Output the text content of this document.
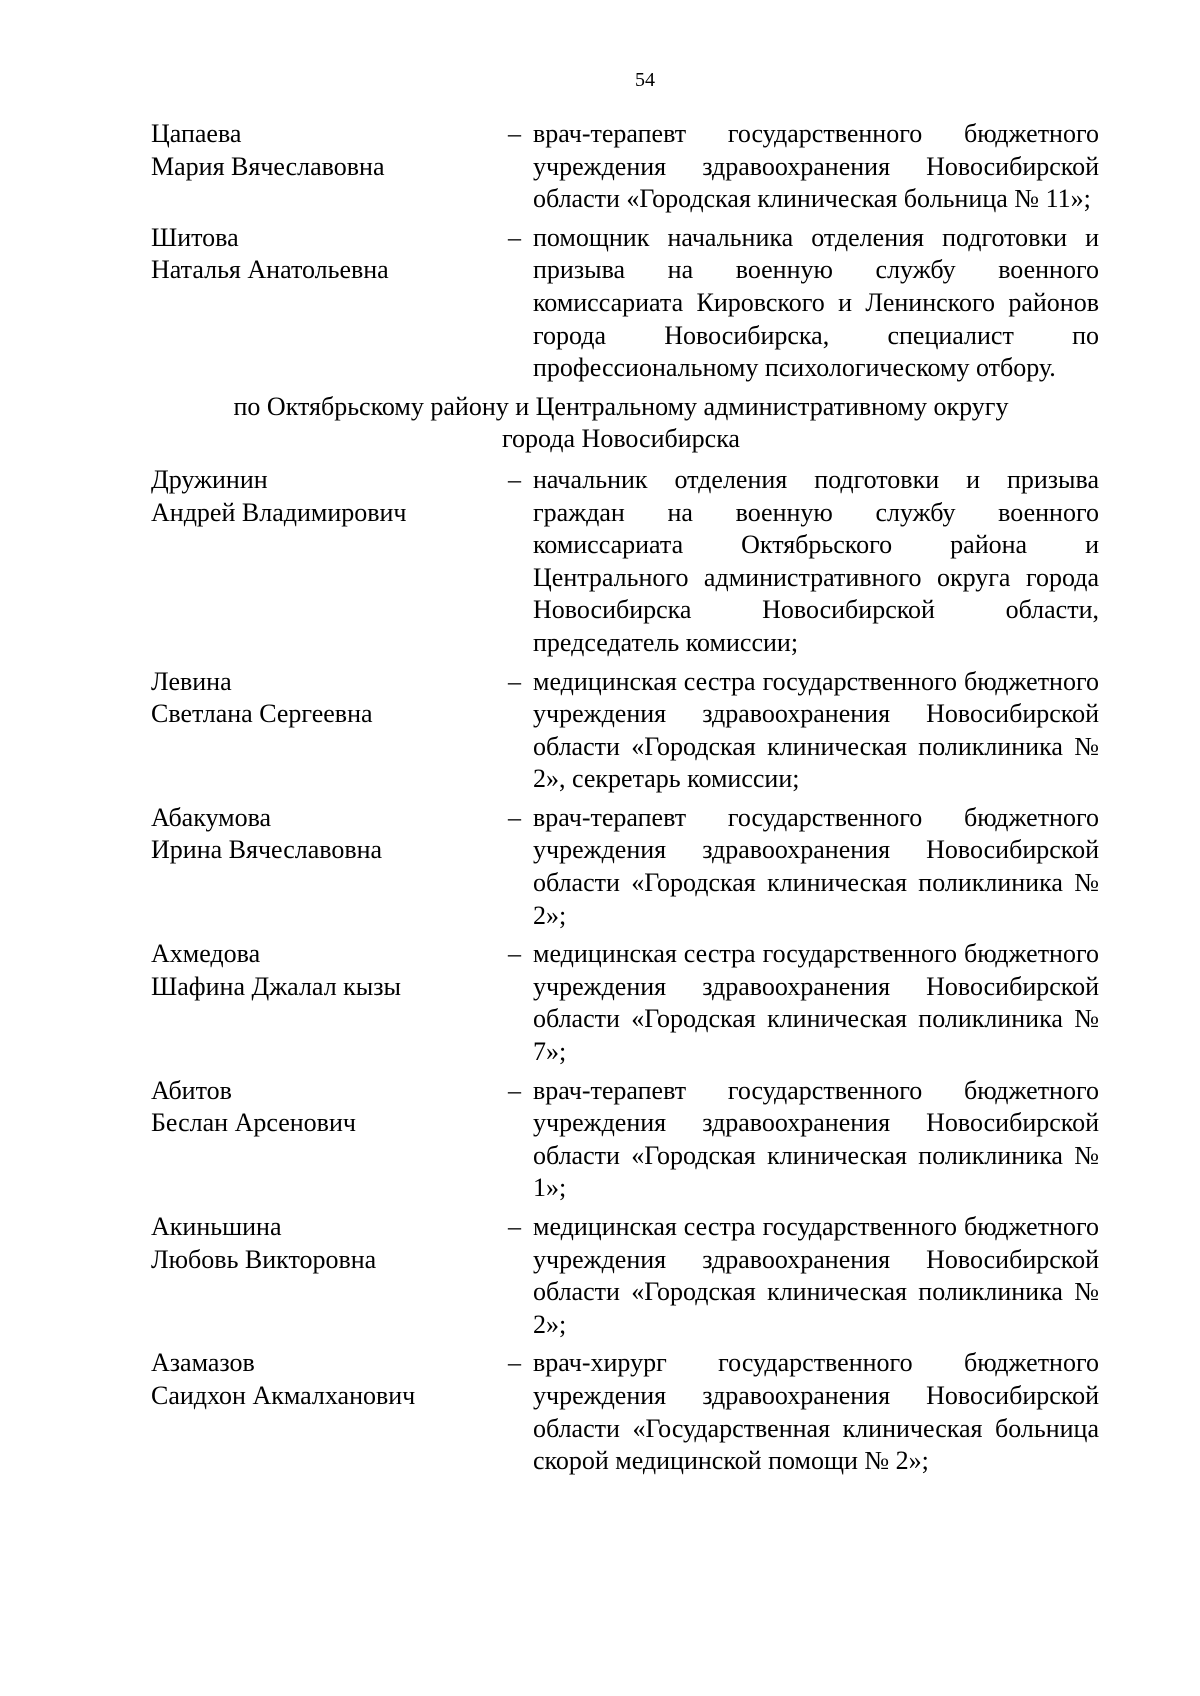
54
Цапаева
Мария Вячеславовна
– врач-терапевт государственного бюджетного учреждения здравоохранения Новосибирской области «Городская клиническая больница № 11»;
Шитова
Наталья Анатольевна
– помощник начальника отделения подготовки и призыва на военную службу военного комиссариата Кировского и Ленинского районов города Новосибирска, специалист по профессиональному психологическому отбору.
по Октябрьскому району и Центральному административному округу
города Новосибирска
Дружинин
Андрей Владимирович
– начальник отделения подготовки и призыва граждан на военную службу военного комиссариата Октябрьского района и Центрального административного округа города Новосибирска Новосибирской области, председатель комиссии;
Левина
Светлана Сергеевна
– медицинская сестра государственного бюджетного учреждения здравоохранения Новосибирской области «Городская клиническая поликлиника № 2», секретарь комиссии;
Абакумова
Ирина Вячеславовна
– врач-терапевт государственного бюджетного учреждения здравоохранения Новосибирской области «Городская клиническая поликлиника № 2»;
Ахмедова
Шафина Джалал кызы
– медицинская сестра государственного бюджетного учреждения здравоохранения Новосибирской области «Городская клиническая поликлиника № 7»;
Абитов
Беслан Арсенович
– врач-терапевт государственного бюджетного учреждения здравоохранения Новосибирской области «Городская клиническая поликлиника № 1»;
Акиньшина
Любовь Викторовна
– медицинская сестра государственного бюджетного учреждения здравоохранения Новосибирской области «Городская клиническая поликлиника № 2»;
Азамазов
Саидхон Акмалханович
– врач-хирург государственного бюджетного учреждения здравоохранения Новосибирской области «Государственная клиническая больница скорой медицинской помощи № 2»;
